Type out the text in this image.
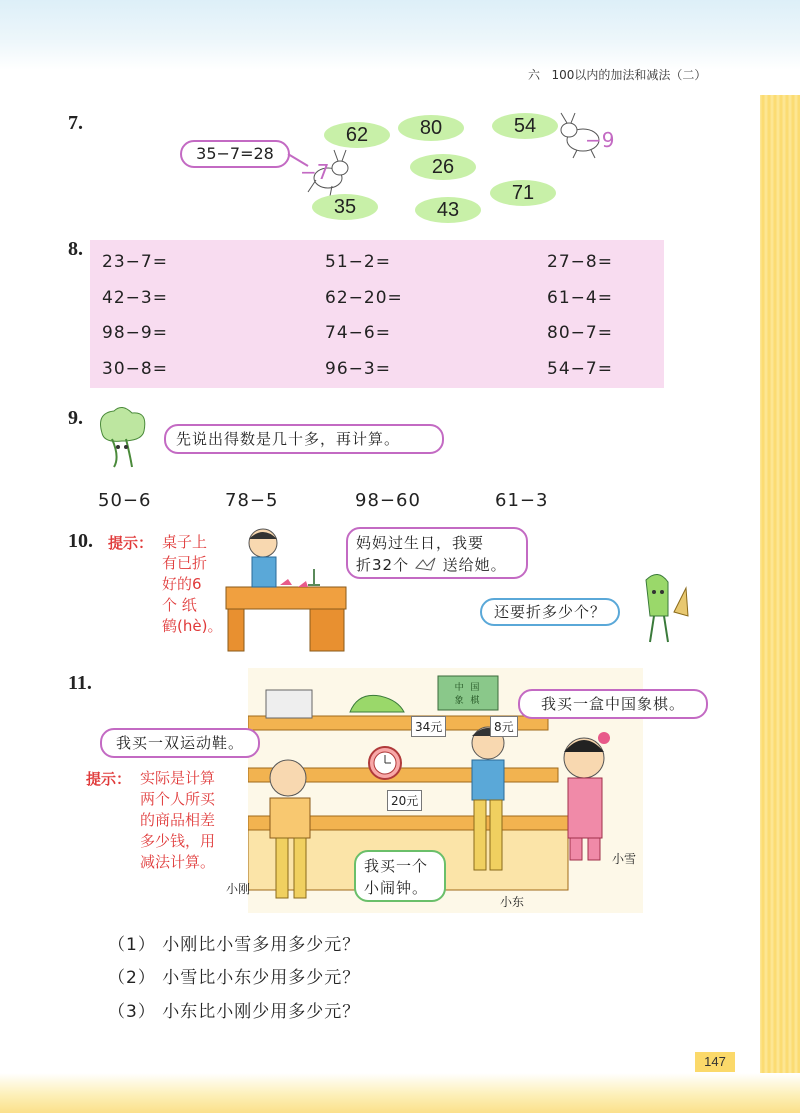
六 100以内的加法和减法（二）
7.
35−7=28
−7
−9
62	80	54
26
71
35	43
8.
23−7=	51−2=	27−8=
42−3=	62−20=	61−4=
98−9=	74−6=	80−7=
30−8=	96−3=	54−7=
9.
先说出得数是几十多，再计算。
50−6	78−5	98−60	61−3
10. 提示： 桌子上
有已折
好的6
个 纸
鹤(hè)。
妈妈过生日，我要
折32个 送给她。
还要折多少个？
11.	中 国 象 棋
34元	8元
20元
我买一双运动鞋。
我买一盒中国象棋。
我买一个
小闹钟。
提示： 实际是计算
两个人所买
的商品相差
多少钱，用
减法计算。
小刚
小东
小雪
（1） 小刚比小雪多用多少元？
（2） 小雪比小东少用多少元？
（3） 小东比小刚少用多少元？
147
